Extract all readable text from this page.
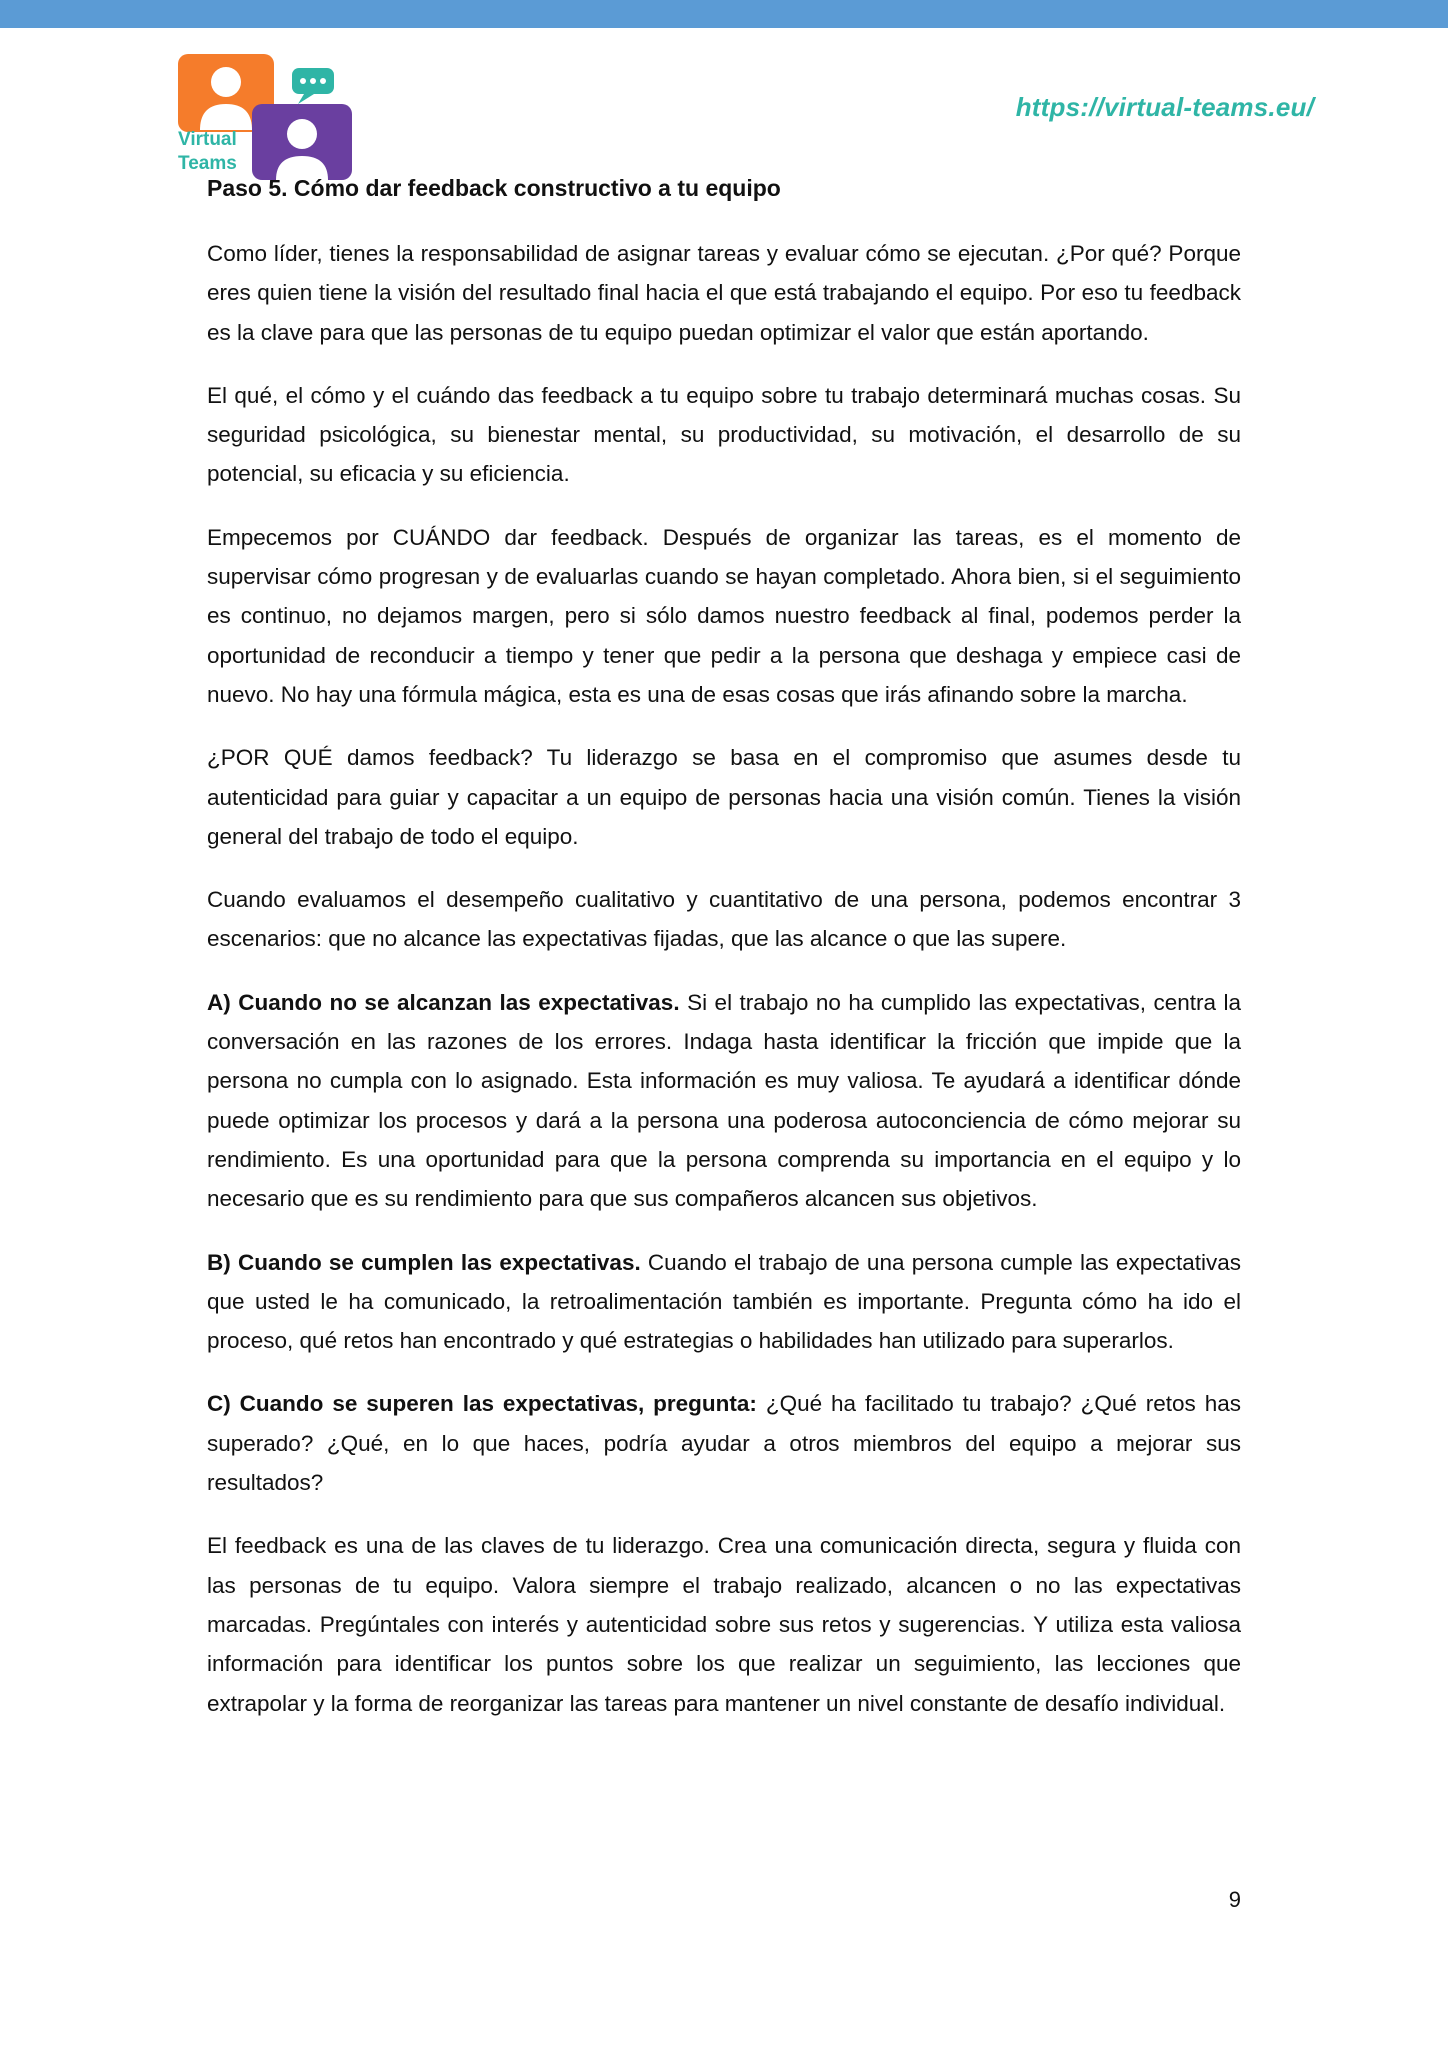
Virtual
Teams
https://virtual-teams.eu/
Paso 5. Cómo dar feedback constructivo a tu equipo

Como líder, tienes la responsabilidad de asignar tareas y evaluar cómo se ejecutan. ¿Por qué? Porque eres quien tiene la visión del resultado final hacia el que está trabajando el equipo. Por eso tu feedback es la clave para que las personas de tu equipo puedan optimizar el valor que están aportando.

El qué, el cómo y el cuándo das feedback a tu equipo sobre tu trabajo determinará muchas cosas. Su seguridad psicológica, su bienestar mental, su productividad, su motivación, el desarrollo de su potencial, su eficacia y su eficiencia.

Empecemos por CUÁNDO dar feedback. Después de organizar las tareas, es el momento de supervisar cómo progresan y de evaluarlas cuando se hayan completado. Ahora bien, si el seguimiento es continuo, no dejamos margen, pero si sólo damos nuestro feedback al final, podemos perder la oportunidad de reconducir a tiempo y tener que pedir a la persona que deshaga y empiece casi de nuevo. No hay una fórmula mágica, esta es una de esas cosas que irás afinando sobre la marcha.

¿POR QUÉ damos feedback? Tu liderazgo se basa en el compromiso que asumes desde tu autenticidad para guiar y capacitar a un equipo de personas hacia una visión común. Tienes la visión general del trabajo de todo el equipo.

Cuando evaluamos el desempeño cualitativo y cuantitativo de una persona, podemos encontrar 3 escenarios: que no alcance las expectativas fijadas, que las alcance o que las supere.

A) Cuando no se alcanzan las expectativas. Si el trabajo no ha cumplido las expectativas, centra la conversación en las razones de los errores. Indaga hasta identificar la fricción que impide que la persona no cumpla con lo asignado. Esta información es muy valiosa. Te ayudará a identificar dónde puede optimizar los procesos y dará a la persona una poderosa autoconciencia de cómo mejorar su rendimiento. Es una oportunidad para que la persona comprenda su importancia en el equipo y lo necesario que es su rendimiento para que sus compañeros alcancen sus objetivos.

B) Cuando se cumplen las expectativas. Cuando el trabajo de una persona cumple las expectativas que usted le ha comunicado, la retroalimentación también es importante. Pregunta cómo ha ido el proceso, qué retos han encontrado y qué estrategias o habilidades han utilizado para superarlos.

C) Cuando se superen las expectativas, pregunta: ¿Qué ha facilitado tu trabajo? ¿Qué retos has superado? ¿Qué, en lo que haces, podría ayudar a otros miembros del equipo a mejorar sus resultados?

El feedback es una de las claves de tu liderazgo. Crea una comunicación directa, segura y fluida con las personas de tu equipo. Valora siempre el trabajo realizado, alcancen o no las expectativas marcadas. Pregúntales con interés y autenticidad sobre sus retos y sugerencias. Y utiliza esta valiosa información para identificar los puntos sobre los que realizar un seguimiento, las lecciones que extrapolar y la forma de reorganizar las tareas para mantener un nivel constante de desafío individual.

9
